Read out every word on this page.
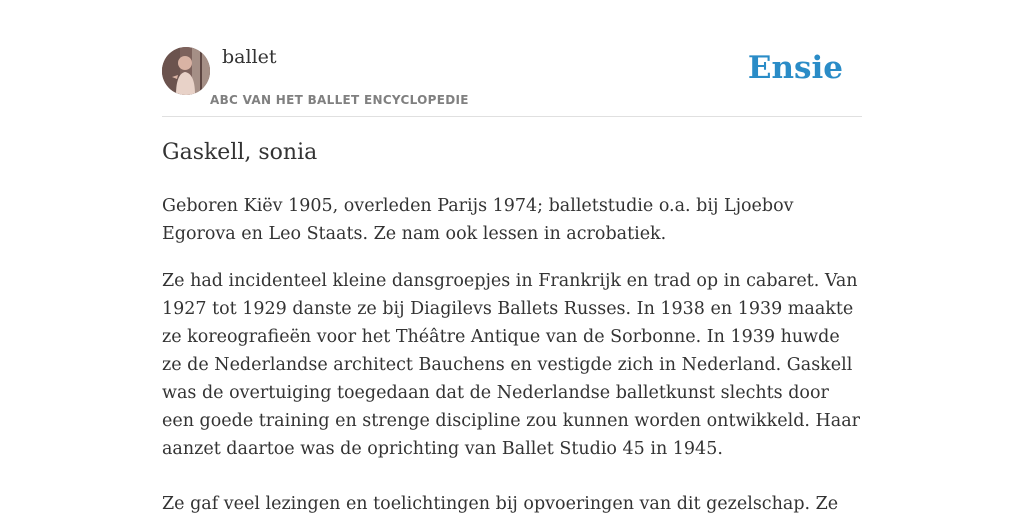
ballet
ABC VAN HET BALLET ENCYCLOPEDIE
Ensie
Gaskell, sonia

Geboren Kiëv 1905, overleden Parijs 1974; balletstudie o.a. bij Ljoebov Egorova en Leo Staats. Ze nam ook lessen in acrobatiek.

Ze had incidenteel kleine dansgroepjes in Frankrijk en trad op in cabaret. Van 1927 tot 1929 danste ze bij Diagilevs Ballets Russes. In 1938 en 1939 maakte ze koreografieën voor het Théâtre Antique van de Sorbonne. In 1939 huwde ze de Nederlandse architect Bauchens en vestigde zich in Nederland. Gaskell was de overtuiging toegedaan dat de Nederlandse balletkunst slechts door een goede training en strenge discipline zou kunnen worden ontwikkeld. Haar aanzet daartoe was de oprichting van Ballet Studio 45 in 1945.

Ze gaf veel lezingen en toelichtingen bij opvoeringen van dit gezelschap. Ze
